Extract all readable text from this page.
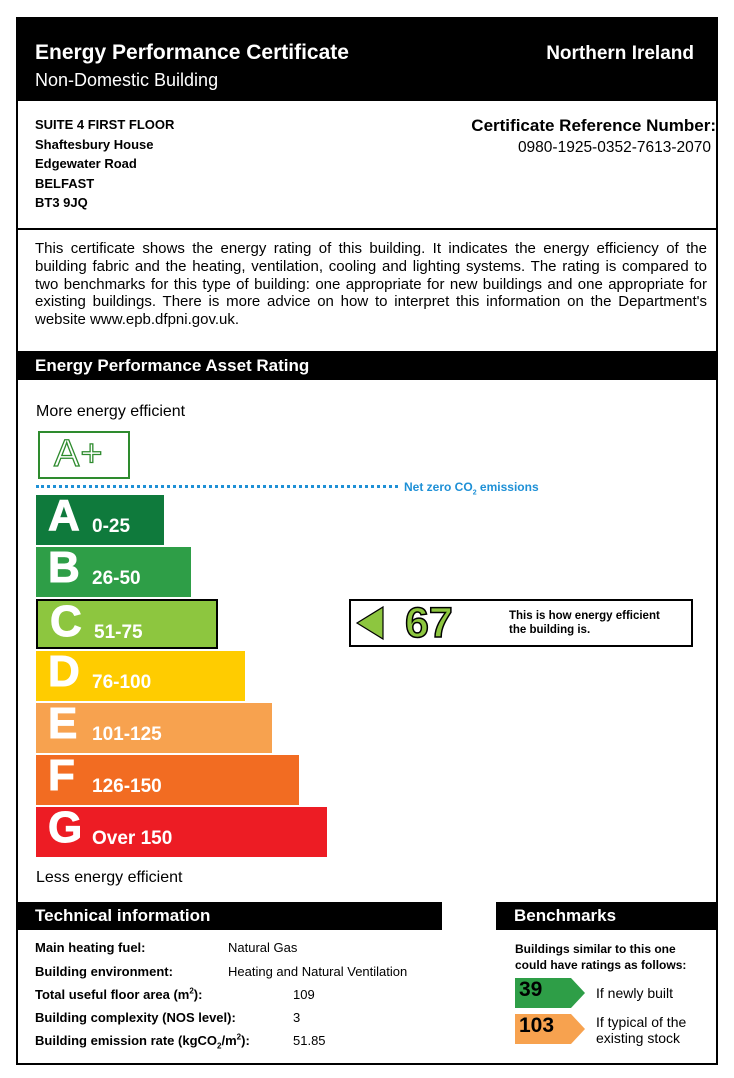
Energy Performance Certificate
Non-Domestic Building
Northern Ireland
SUITE 4 FIRST FLOOR
Shaftesbury House
Edgewater Road
BELFAST
BT3 9JQ
Certificate Reference Number:
0980-1925-0352-7613-2070
This certificate shows the energy rating of this building. It indicates the energy efficiency of the building fabric and the heating, ventilation, cooling and lighting systems. The rating is compared to two benchmarks for this type of building: one appropriate for new buildings and one appropriate for existing buildings. There is more advice on how to interpret this information on the Department's website www.epb.dfpni.gov.uk.
Energy Performance Asset Rating
More energy efficient
A+
Net zero $CO_2$ emissions
A 0-25
B 26-50
C 51-75
D 76-100
E 101-125
F 126-150
G Over 150
67	This is how energy efficient
the building is.
Less energy efficient
Technical information	Benchmarks
Main heating fuel:	Natural Gas
Building environment:	Heating and Natural Ventilation
Total useful floor area $(m^2)$:	109
Building complexity (NOS level):	3
Building emission rate $(kgCO_2/m^2)$:	51.85
Buildings similar to this one
could have ratings as follows:
39	If newly built
103	If typical of the
existing stock
